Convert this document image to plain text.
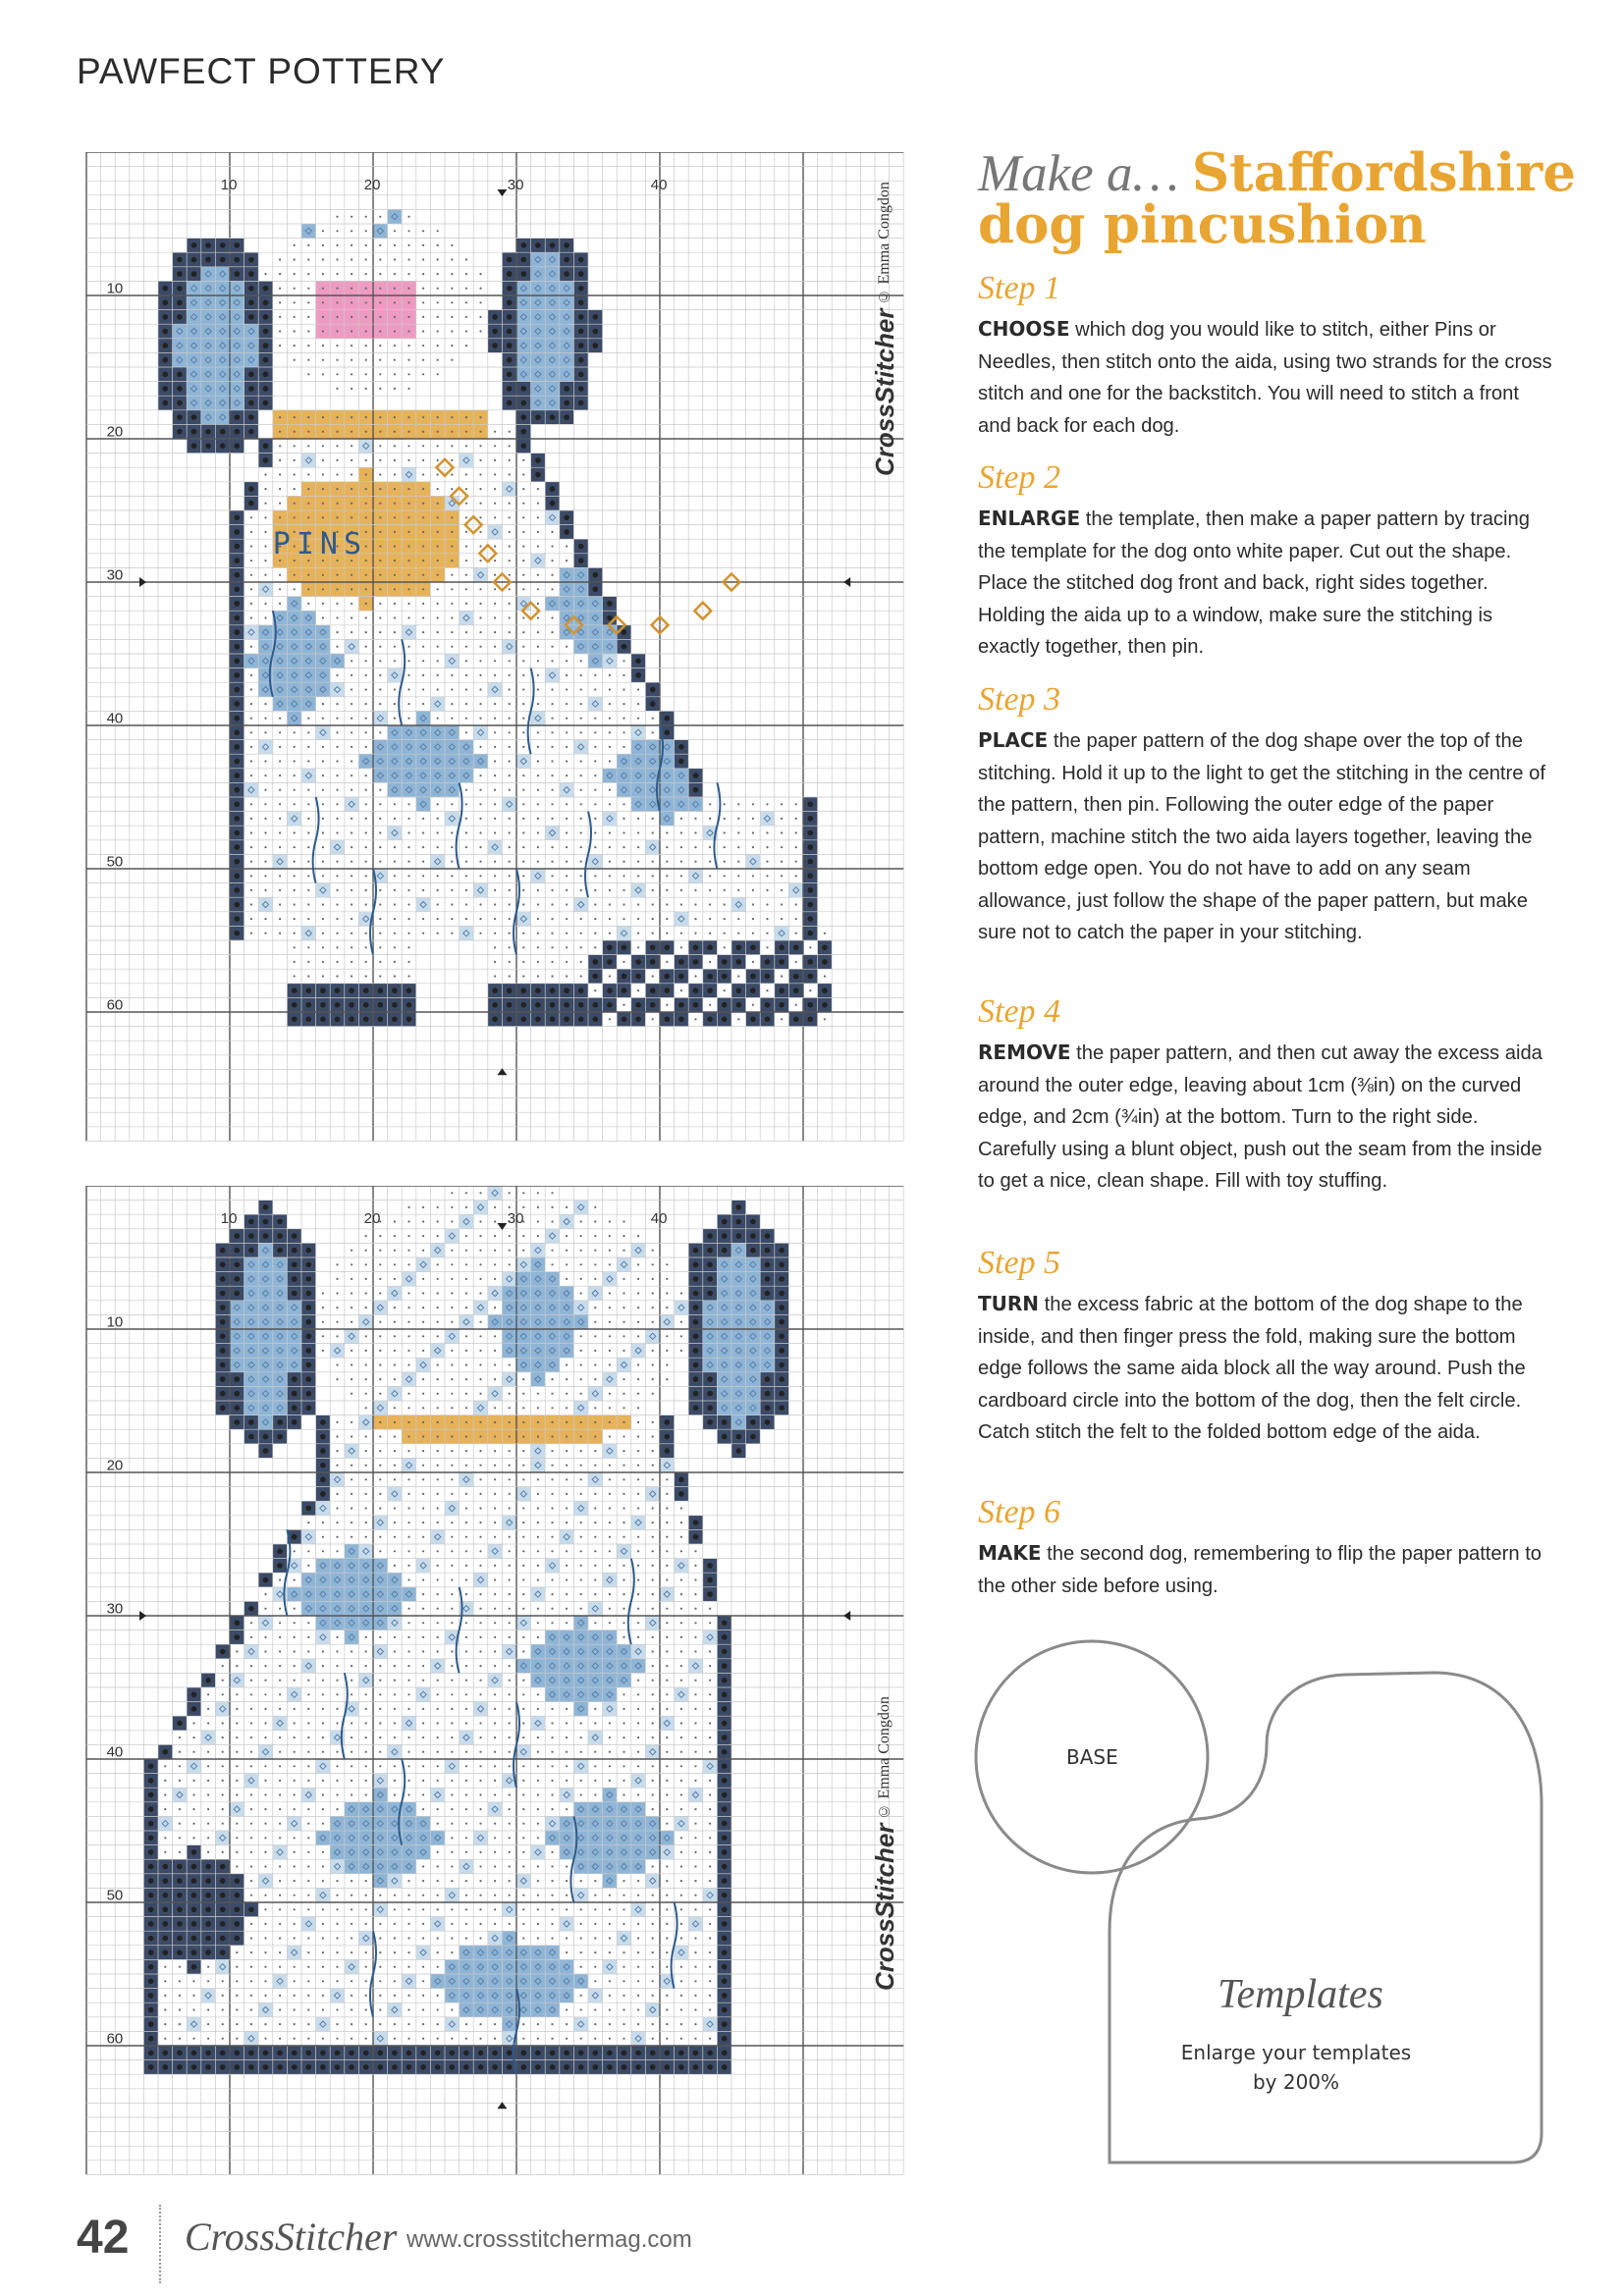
PAWFECT POTTERY
10	20	30	40
10
20
30
40
50
60
PINS
CrossStitcher © Emma Congdon
10	20	30	40
10
20
30
40
50
60
CrossStitcher © Emma Congdon
Make a… Staffordshire dog pincushion
Step 1

CHOOSE which dog you would like to stitch, either Pins or Needles, then stitch onto the aida, using two strands for the cross stitch and one for the backstitch. You will need to stitch a front and back for each dog.

Step 2

ENLARGE the template, then make a paper pattern by tracing the template for the dog onto white paper. Cut out the shape. Place the stitched dog front and back, right sides together. Holding the aida up to a window, make sure the stitching is exactly together, then pin.

Step 3

PLACE the paper pattern of the dog shape over the top of the stitching. Hold it up to the light to get the stitching in the centre of the pattern, then pin. Following the outer edge of the paper pattern, machine stitch the two aida layers together, leaving the bottom edge open. You do not have to add on any seam allowance, just follow the shape of the paper pattern, but make sure not to catch the paper in your stitching.

Step 4

REMOVE the paper pattern, and then cut away the excess aida around the outer edge, leaving about 1cm (⅜in) on the curved edge, and 2cm (¾in) at the bottom. Turn to the right side. Carefully using a blunt object, push out the seam from the inside to get a nice, clean shape. Fill with toy stuffing.

Step 5

TURN the excess fabric at the bottom of the dog shape to the inside, and then finger press the fold, making sure the bottom edge follows the same aida block all the way around. Push the cardboard circle into the bottom of the dog, then the felt circle. Catch stitch the felt to the folded bottom edge of the aida.

Step 6

MAKE the second dog, remembering to flip the paper pattern to the other side before using.

BASE
Templates
Enlarge your templates
by 200%
42 CrossStitcher www.crossstitchermag.com
